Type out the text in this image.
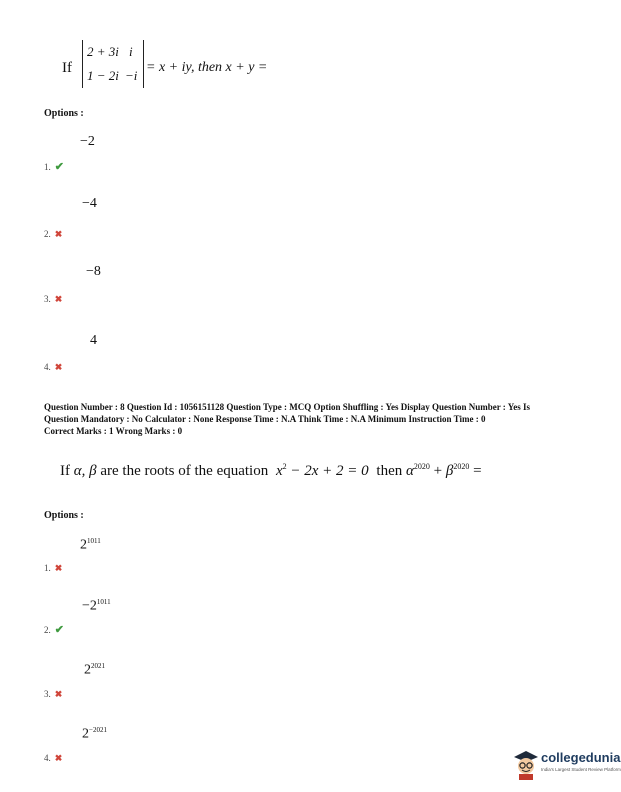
If
2 + 3i i
1 − 2i −i
= x + iy, then x + y =
Options :
−2
1. ✔
−4
2. ✖
−8
3. ✖
4
4. ✖
Question Number : 8 Question Id : 1056151128 Question Type : MCQ Option Shuffling : Yes Display Question Number : Yes Is
Question Mandatory : No Calculator : None Response Time : N.A Think Time : N.A Minimum Instruction Time : 0
Correct Marks : 1 Wrong Marks : 0
If α, β are the roots of the equation $x^2 - 2x + 2 = 0$ then $\alpha^{2020} + \beta^{2020}$ =
Options :
$2^{1011}$
1. ✖
$-2^{1011}$
2. ✔
$2^{2021}$
3. ✖
$2^{-2021}$
4. ✖	collegedunia
India's Largest Student Review Platform
